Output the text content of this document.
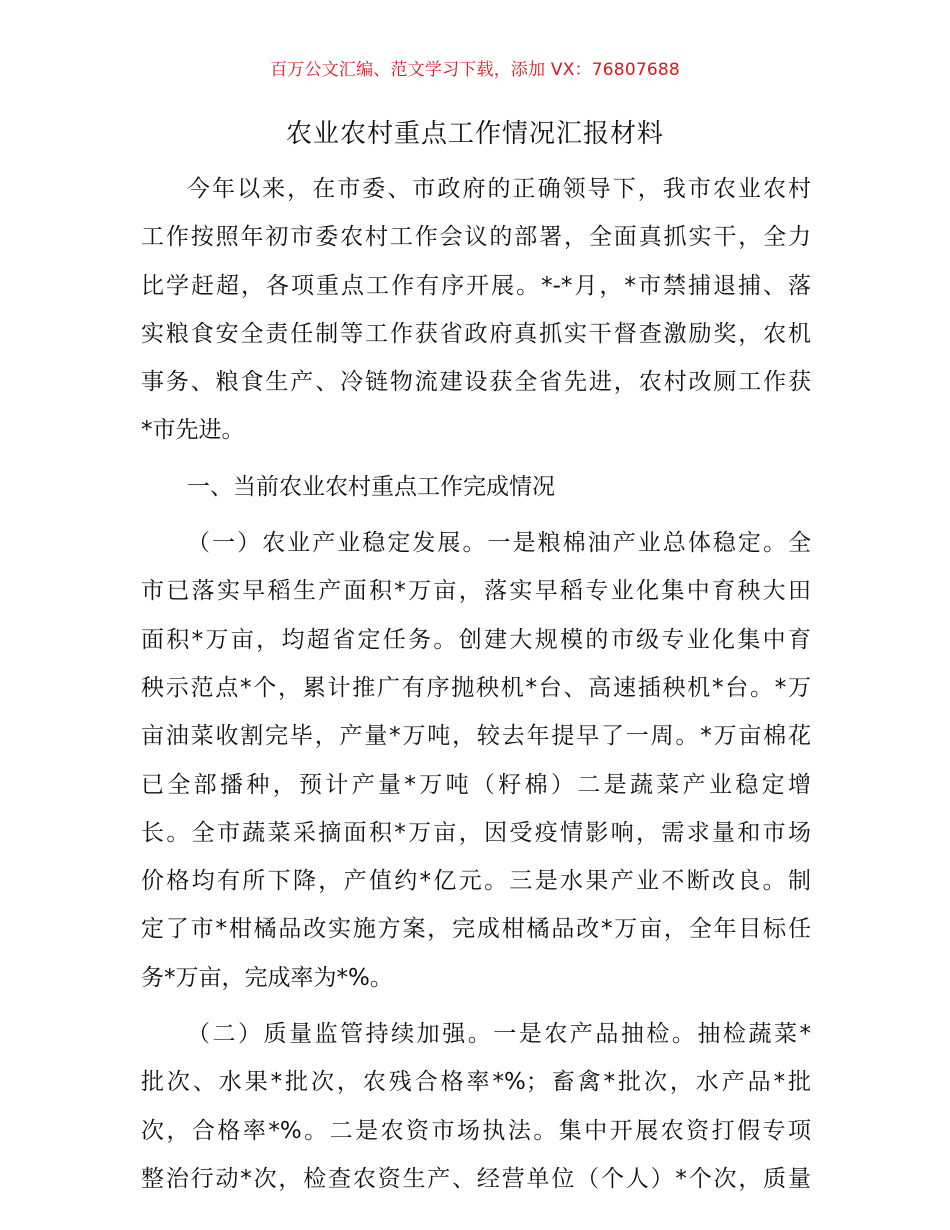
百万公文汇编、范文学习下载，添加 VX：76807688
农业农村重点工作情况汇报材料
今年以来，在市委、市政府的正确领导下，我市农业农村
工作按照年初市委农村工作会议的部署，全面真抓实干，全力
比学赶超，各项重点工作有序开展。*-*月，*市禁捕退捕、落
实粮食安全责任制等工作获省政府真抓实干督查激励奖，农机
事务、粮食生产、冷链物流建设获全省先进，农村改厕工作获
*市先进。
一、当前农业农村重点工作完成情况
（一）农业产业稳定发展。一是粮棉油产业总体稳定。全
市已落实早稻生产面积*万亩，落实早稻专业化集中育秧大田
面积*万亩，均超省定任务。创建大规模的市级专业化集中育
秧示范点*个，累计推广有序抛秧机*台、高速插秧机*台。*万
亩油菜收割完毕，产量*万吨，较去年提早了一周。*万亩棉花
已全部播种，预计产量*万吨（籽棉）二是蔬菜产业稳定增
长。全市蔬菜采摘面积*万亩，因受疫情影响，需求量和市场
价格均有所下降，产值约*亿元。三是水果产业不断改良。制
定了市*柑橘品改实施方案，完成柑橘品改*万亩，全年目标任
务*万亩，完成率为*%。
（二）质量监管持续加强。一是农产品抽检。抽检蔬菜*
批次、水果*批次，农残合格率*%；畜禽*批次，水产品*批
次，合格率*%。二是农资市场执法。集中开展农资打假专项
整治行动*次，检查农资生产、经营单位（个人）*个次，质量
